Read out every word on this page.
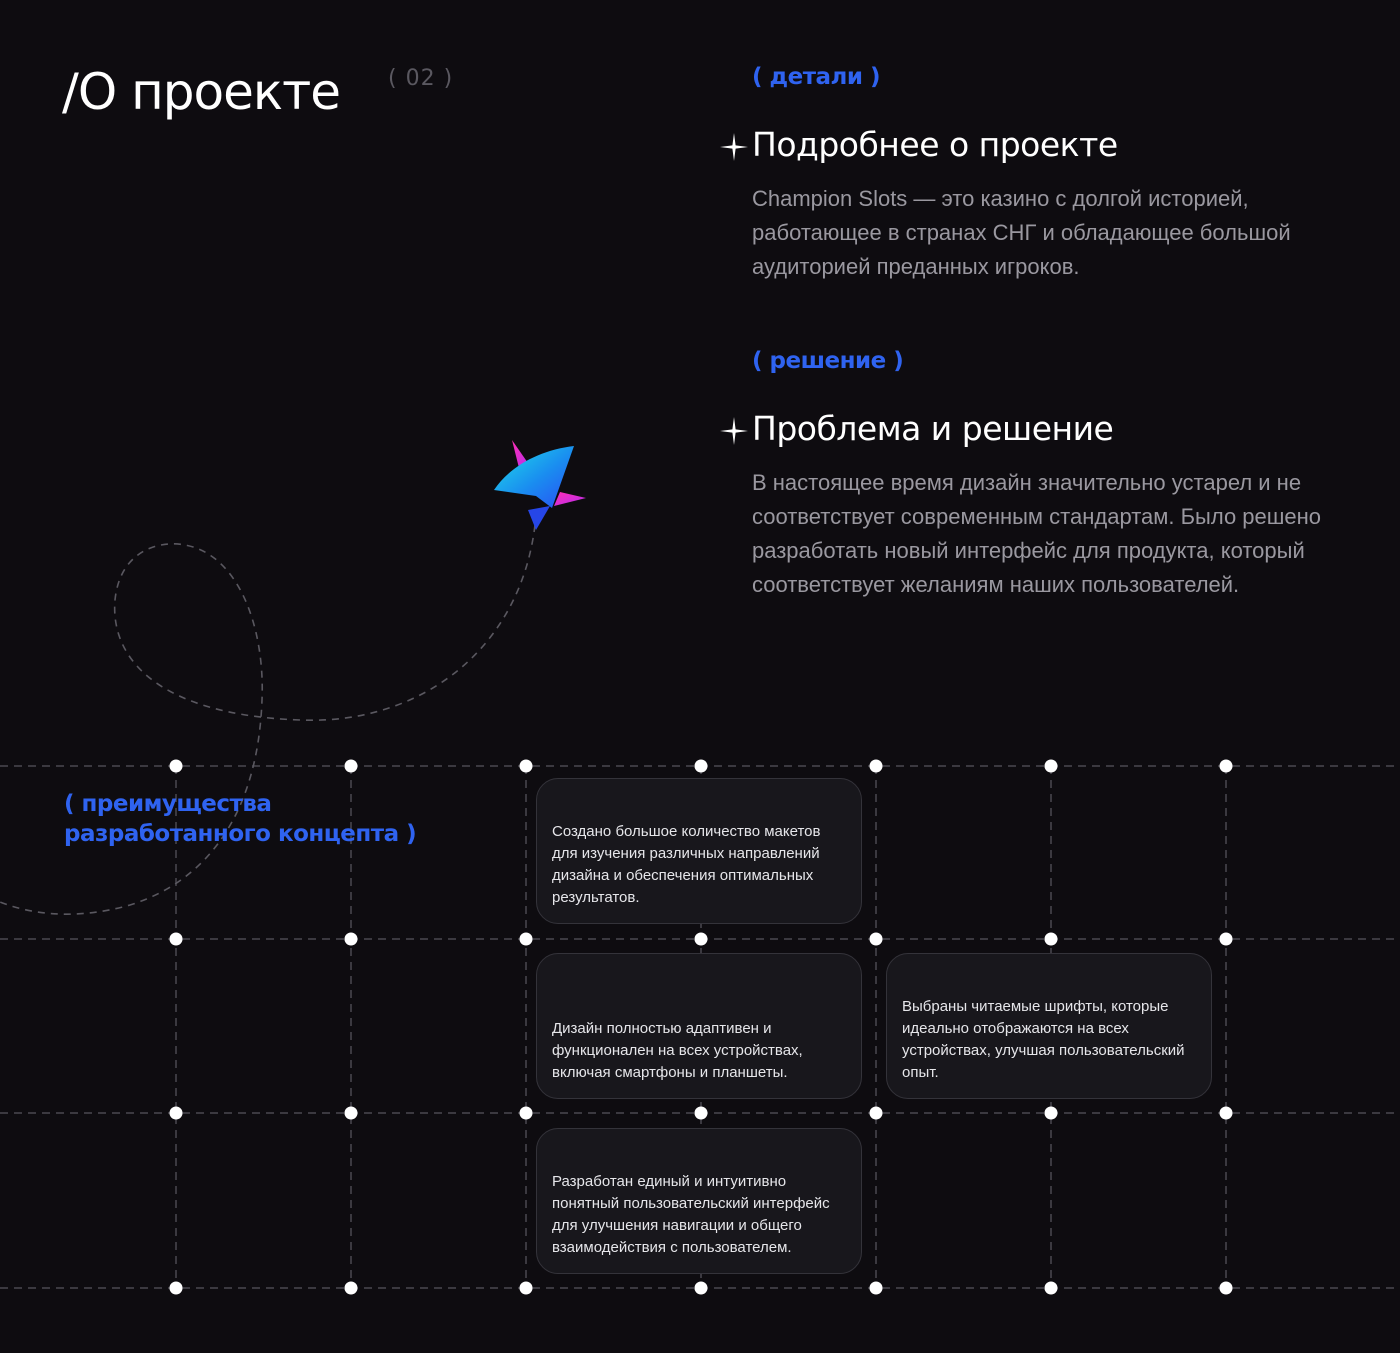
/О проекте ( 02 )	( детали )
Подробнее о проекте

Champion Slots — это казино с долгой историей, работающее в странах СНГ и обладающее большой аудиторией преданных игроков.

( решение )
Проблема и решение

В настоящее время дизайн значительно устарел и не соответствует современным стандартам. Было решено разработать новый интерфейс для продукта, который соответствует желаниям наших пользователей.

( преимущества
разработанного концепта )	Создано большое количество макетов для изучения различных направлений дизайна и обеспечения оптимальных результатов.
Дизайн полностью адаптивен и функционален на всех устройствах, включая смартфоны и планшеты.
Выбраны читаемые шрифты, которые идеально отображаются на всех устройствах, улучшая пользовательский опыт.
Разработан единый и интуитивно понятный пользовательский интерфейс для улучшения навигации и общего взаимодействия с пользователем.
